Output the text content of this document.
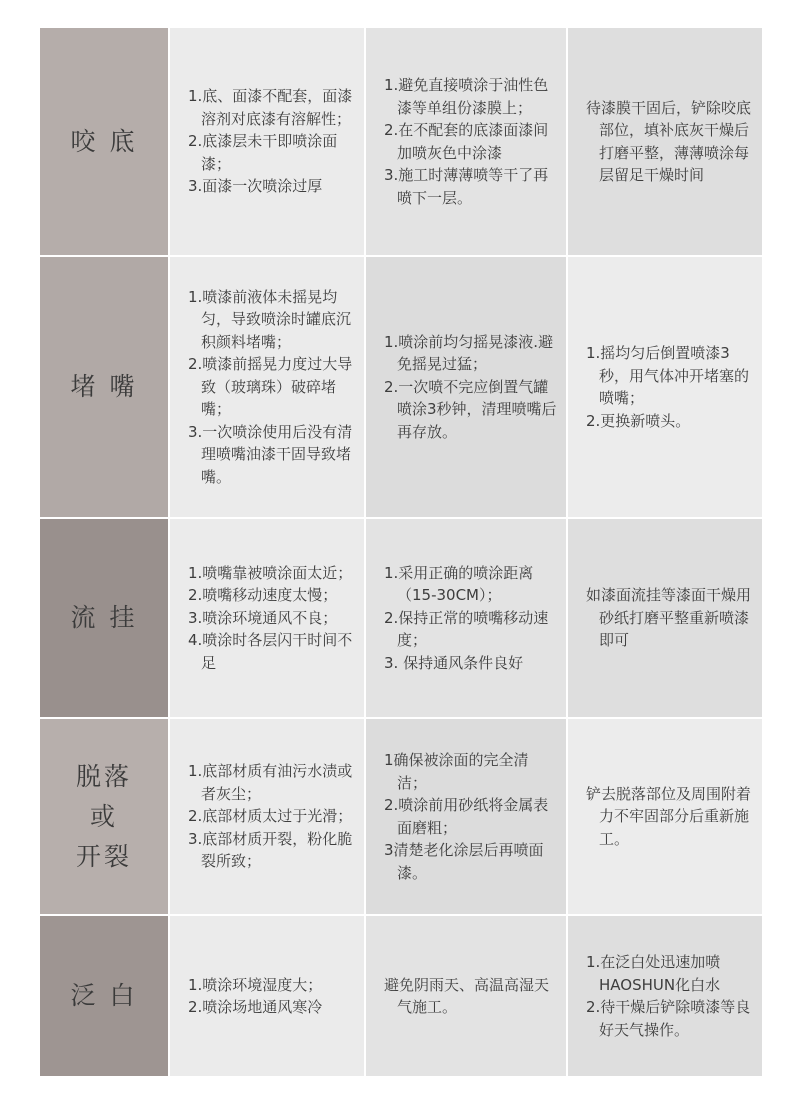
咬 底
1.底、面漆不配套，面漆溶剂对底漆有溶解性；
2.底漆层未干即喷涂面漆；
3.面漆一次喷涂过厚
1.避免直接喷涂于油性色漆等单组份漆膜上；
2.在不配套的底漆面漆间加喷灰色中涂漆
3.施工时薄薄喷等干了再喷下一层。
待漆膜干固后，铲除咬底部位，填补底灰干燥后打磨平整，薄薄喷涂每层留足干燥时间
堵 嘴
1.喷漆前液体未摇晃均匀，导致喷涂时罐底沉积颜料堵嘴；
2.喷漆前摇晃力度过大导致（玻璃珠）破碎堵嘴；
3.一次喷涂使用后没有清理喷嘴油漆干固导致堵嘴。
1.喷涂前均匀摇晃漆液.避免摇晃过猛；
2.一次喷不完应倒置气罐喷涂3秒钟，清理喷嘴后再存放。
1.摇均匀后倒置喷漆3秒，用气体冲开堵塞的喷嘴；
2.更换新喷头。
流 挂
1.喷嘴靠被喷涂面太近；
2.喷嘴移动速度太慢；
3.喷涂环境通风不良；
4.喷涂时各层闪干时间不足
1.采用正确的喷涂距离（15-30CM）；
2.保持正常的喷嘴移动速度；
3. 保持通风条件良好
如漆面流挂等漆面干燥用砂纸打磨平整重新喷漆即可
脱落
或
开裂
1.底部材质有油污水渍或者灰尘；
2.底部材质太过于光滑；
3.底部材质开裂，粉化脆裂所致；
1确保被涂面的完全清洁；
2.喷涂前用砂纸将金属表面磨粗；
3清楚老化涂层后再喷面漆。
铲去脱落部位及周围附着力不牢固部分后重新施工。
泛 白	1.喷涂环境湿度大；
2.喷涂场地通风寒冷
避免阴雨天、高温高湿天气施工。
1.在泛白处迅速加喷HAOSHUN化白水
2.待干燥后铲除喷漆等良好天气操作。
